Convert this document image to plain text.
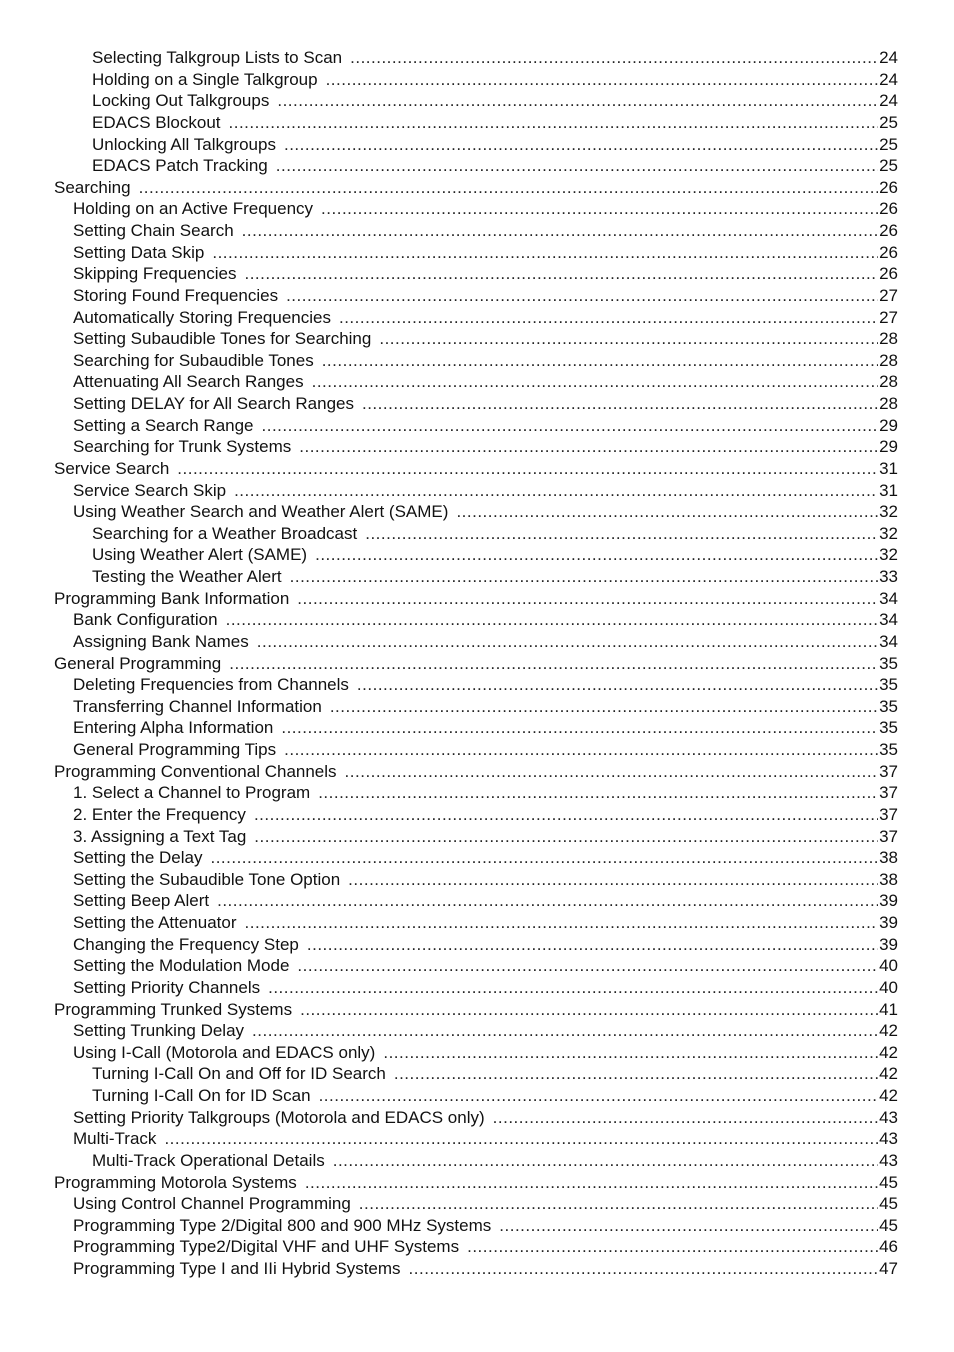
Selecting Talkgroup Lists to Scan .....	24
Holding on a Single Talkgroup .....	24
Locking Out Talkgroups .....	24
EDACS Blockout .....	25
Unlocking All Talkgroups .....	25
EDACS Patch Tracking .....	25
Searching .....	26
Holding on an Active Frequency .....	26
Setting Chain Search .....	26
Setting Data Skip .....	26
Skipping Frequencies .....	26
Storing Found Frequencies .....	27
Automatically Storing Frequencies .....	27
Setting Subaudible Tones for Searching .....	28
Searching for Subaudible Tones .....	28
Attenuating All Search Ranges .....	28
Setting DELAY for All Search Ranges .....	28
Setting a Search Range .....	29
Searching for Trunk Systems .....	29
Service Search .....	31
Service Search Skip .....	31
Using Weather Search and Weather Alert (SAME) .....	32
Searching for a Weather Broadcast .....	32
Using Weather Alert (SAME) .....	32
Testing the Weather Alert .....	33
Programming Bank Information .....	34
Bank Configuration .....	34
Assigning Bank Names .....	34
General Programming .....	35
Deleting Frequencies from Channels .....	35
Transferring Channel Information .....	35
Entering Alpha Information .....	35
General Programming Tips .....	35
Programming Conventional Channels .....	37
1. Select a Channel to Program .....	37
2. Enter the Frequency .....	37
3. Assigning a Text Tag .....	37
Setting the Delay .....	38
Setting the Subaudible Tone Option .....	38
Setting Beep Alert .....	39
Setting the Attenuator .....	39
Changing the Frequency Step .....	39
Setting the Modulation Mode .....	40
Setting Priority Channels .....	40
Programming Trunked Systems .....	41
Setting Trunking Delay .....	42
Using I-Call (Motorola and EDACS only) .....	42
Turning I-Call On and Off for ID Search .....	42
Turning I-Call On for ID Scan .....	42
Setting Priority Talkgroups (Motorola and EDACS only) .....	43
Multi-Track .....	43
Multi-Track Operational Details .....	43
Programming Motorola Systems .....	45
Using Control Channel Programming .....	45
Programming Type 2/Digital 800 and 900 MHz Systems .....	45
Programming Type2/Digital VHF and UHF Systems .....	46
Programming Type I and IIi Hybrid Systems .....	47
